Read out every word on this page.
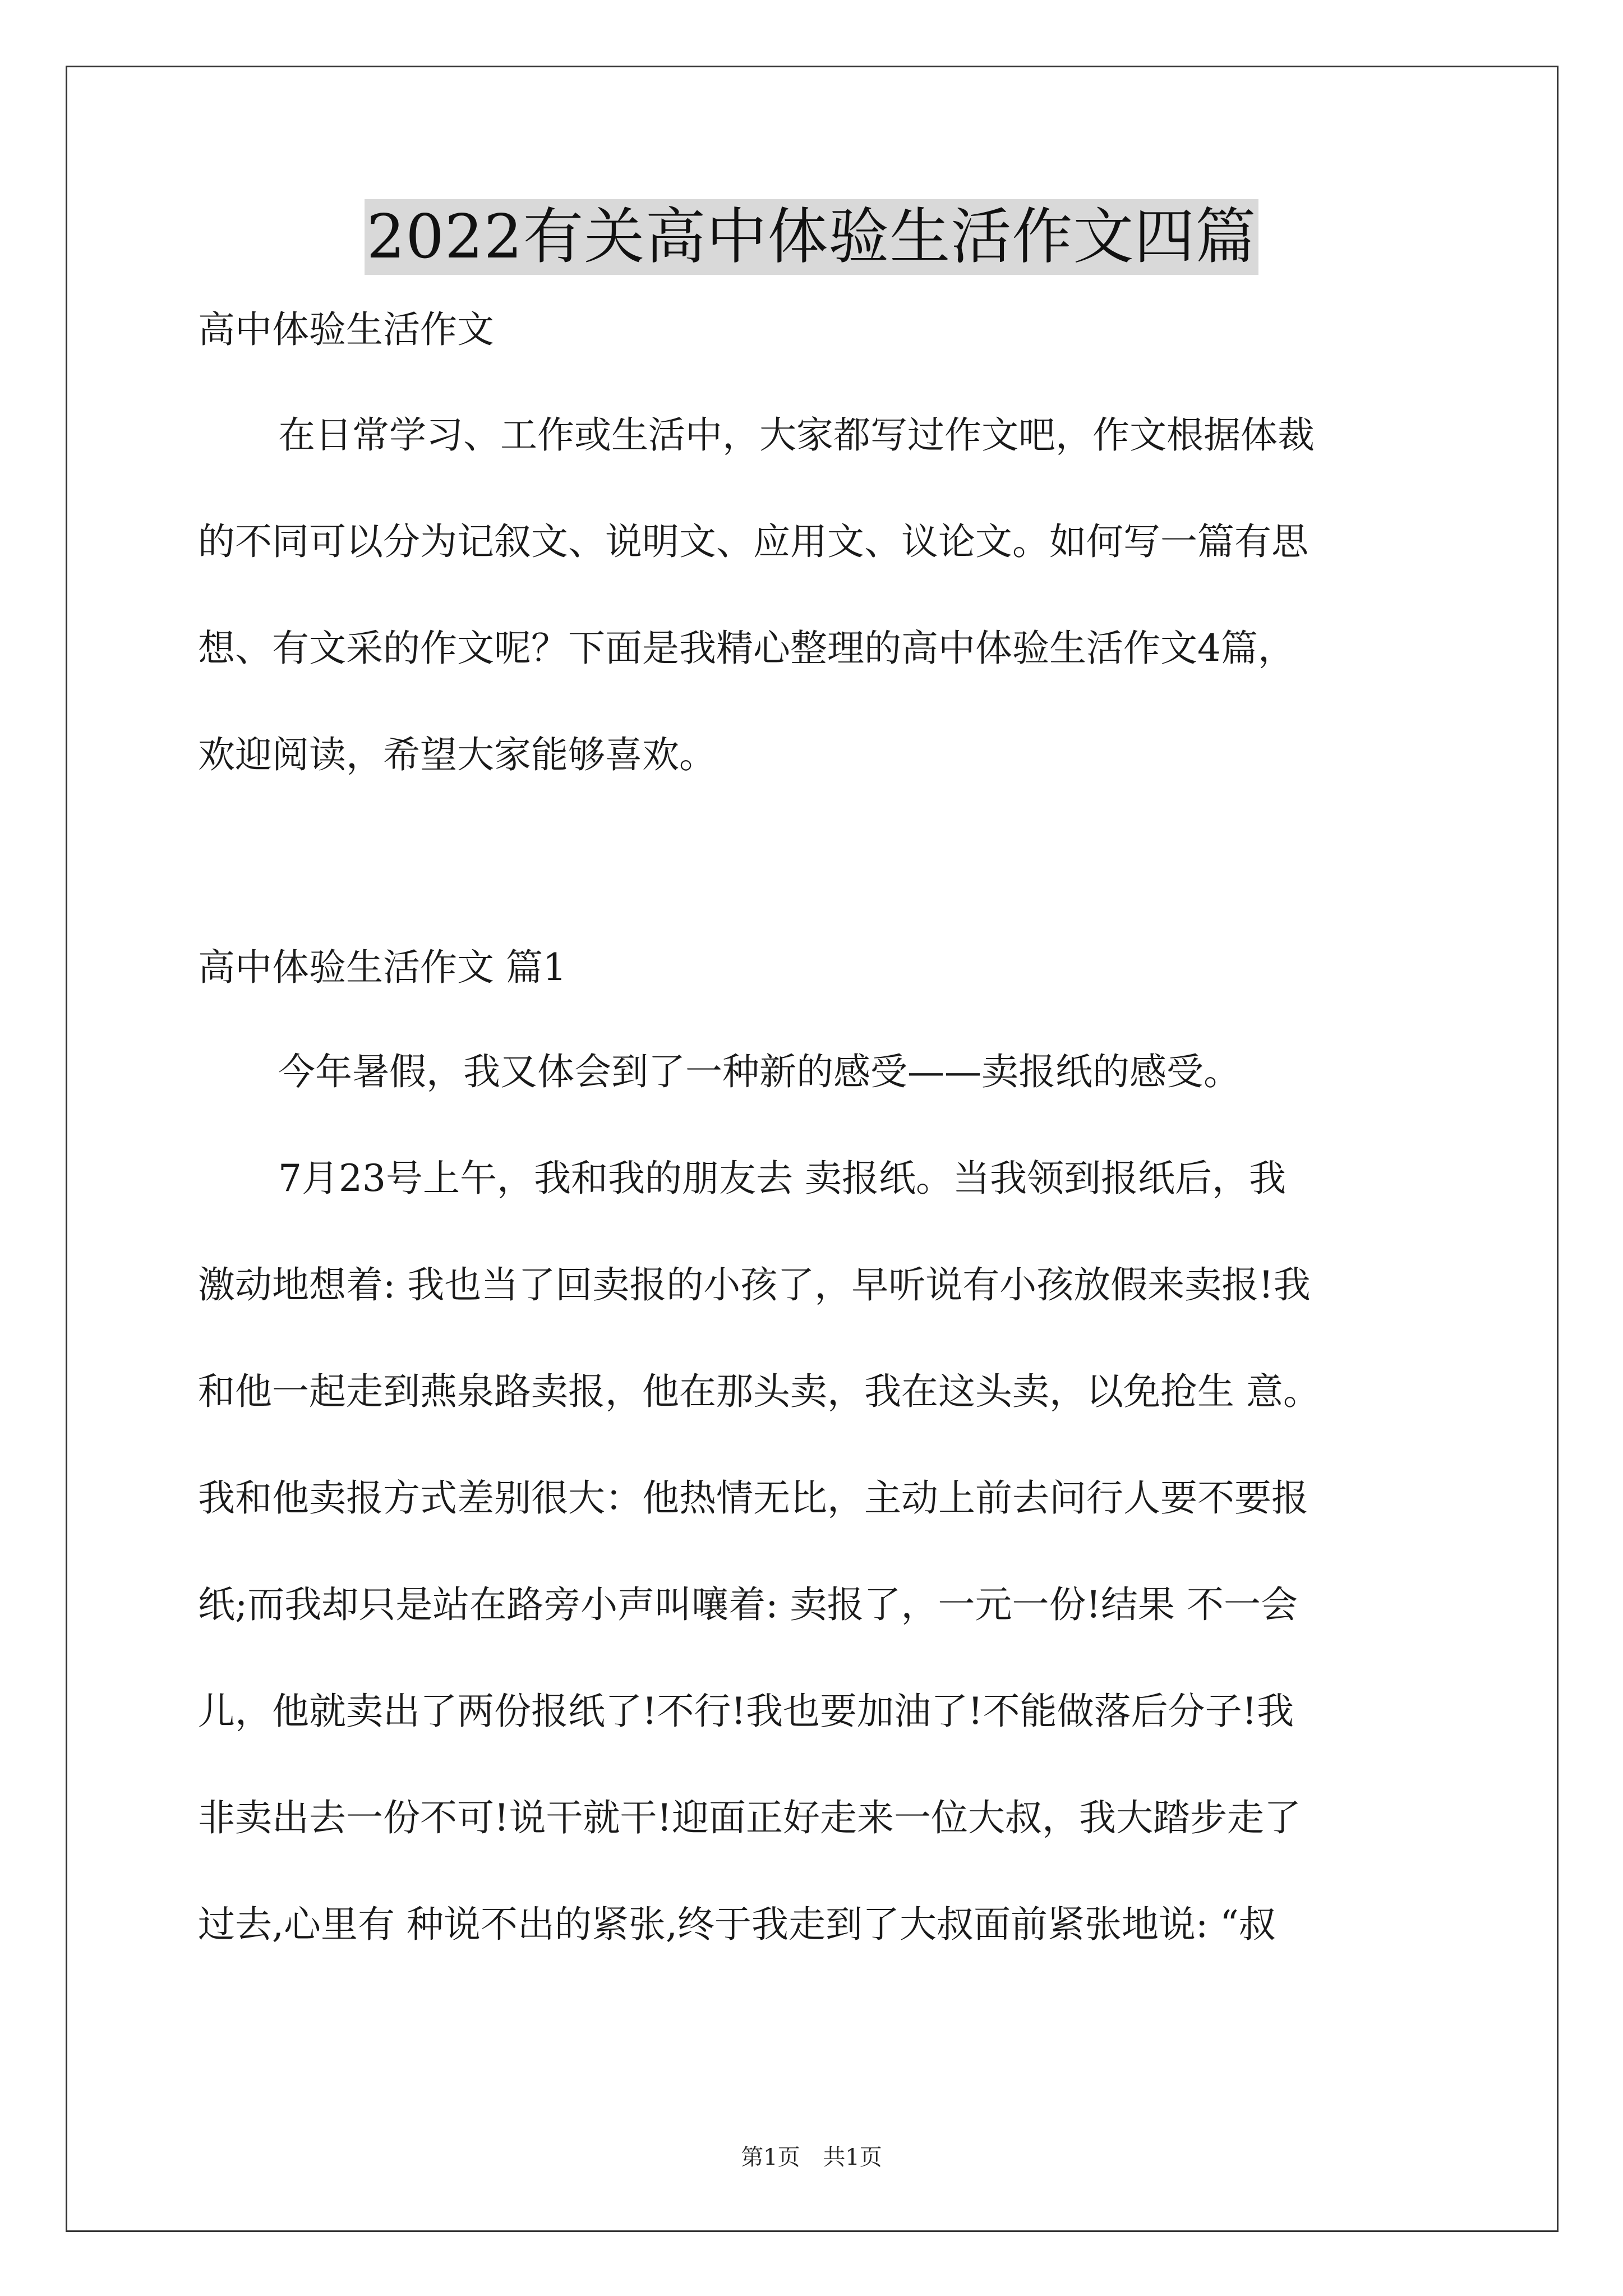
2022有关高中体验生活作文四篇
高中体验生活作文
在日常学习、工作或生活中，大家都写过作文吧，作文根据体裁
的不同可以分为记叙文、说明文、应用文、议论文。如何写一篇有思
想、有文采的作文呢？下面是我精心整理的高中体验生活作文4篇，
欢迎阅读，希望大家能够喜欢。
高中体验生活作文 篇1
今年暑假，我又体会到了一种新的感受——卖报纸的感受。
7月23号上午，我和我的朋友去 卖报纸。当我领到报纸后，我
激动地想着: 我也当了回卖报的小孩了，早听说有小孩放假来卖报!我
和他一起走到燕泉路卖报，他在那头卖，我在这头卖，以免抢生 意。
我和他卖报方式差别很大：他热情无比，主动上前去问行人要不要报
纸;而我却只是站在路旁小声叫嚷着: 卖报了，一元一份!结果 不一会
儿，他就卖出了两份报纸了!不行!我也要加油了!不能做落后分子!我
非卖出去一份不可!说干就干!迎面正好走来一位大叔，我大踏步走了
过去,心里有 种说不出的紧张,终于我走到了大叔面前紧张地说: “叔
第1页 共1页
